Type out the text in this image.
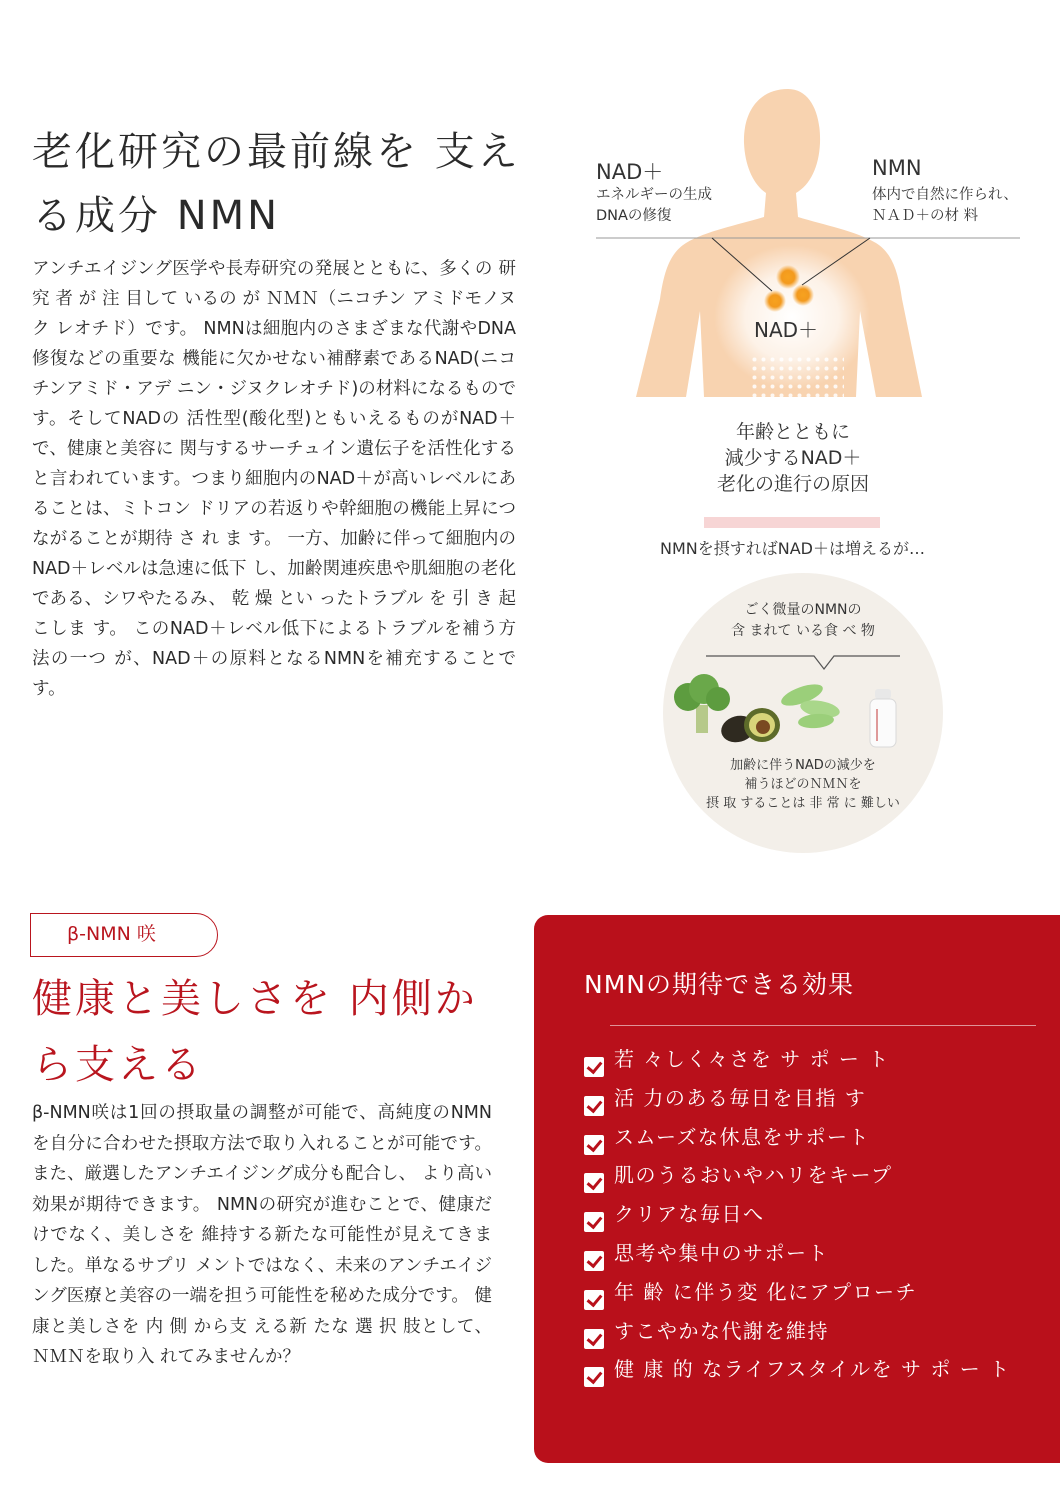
老化研究の最前線を 支える成分 NMN

アンチエイジング医学や長寿研究の発展とともに、多くの 研 究 者 が 注 目して いるの が ＮＭＮ（ニコチン アミドモノヌク レオチド）です。 NMNは細胞内のさまざまな代謝やDNA修復などの重要な 機能に欠かせない補酵素であるNAD(ニコチンアミド・アデ ニン・ジヌクレオチド)の材料になるものです。そしてNADの 活性型(酸化型)ともいえるものがNAD＋で、健康と美容に 関与するサーチュイン遺伝子を活性化すると言われています。つまり細胞内のNAD＋が高いレベルにあることは、ミトコン ドリアの若返りや幹細胞の機能上昇につながることが期待 さ れ ま す。 一方、加齢に伴って細胞内のNAD＋レベルは急速に低下 し、加齢関連疾患や肌細胞の老化である、シワやたるみ、 乾 燥 とい ったトラブル を 引 き 起 こしま す。 このNAD＋レベル低下によるトラブルを補う方法の一つ が、NAD＋の原料となるNMNを補充することです。

NAD＋
エネルギーの生成
DNAの修復
NMN
体内で自然に作られ、
ＮＡＤ＋の材 料
NAD＋
年齢とともに
減少するNAD＋
老化の進行の原因
NMNを摂すればNAD＋は増えるが…
ごく微量のNMNの
含 まれて いる食 べ 物
加齢に伴うNADの減少を
補うほどのＮＭＮを
摂 取 することは 非 常 に 難しい
β-NMN 咲
健康と美しさを 内側から支える

β-NMN咲は1回の摂取量の調整が可能で、高純度のNMNを自分に合わせた摂取方法で取り入れることが可能です。また、厳選したアンチエイジング成分も配合し、 より高い効果が期待できます。 NMNの研究が進むことで、健康だけでなく、美しさを 維持する新たな可能性が見えてきました。単なるサプリ メントではなく、未来のアンチエイジング医療と美容の一端を担う可能性を秘めた成分です。 健 康と美しさを 内 側 から支 える新 たな 選 択 肢として、 ＮＭＮを取り入 れてみませんか？

NMNの期待できる効果
若 々しく々さを サ ポ ー ト
活 力のある毎日を目指 す
スムーズな休息をサポート
肌のうるおいやハリをキープ
クリアな毎日へ
思考や集中のサポート
年 齢 に伴う変 化にアプローチ
すこやかな代謝を維持
健 康 的 なライフスタイルを サ ポ ー ト
